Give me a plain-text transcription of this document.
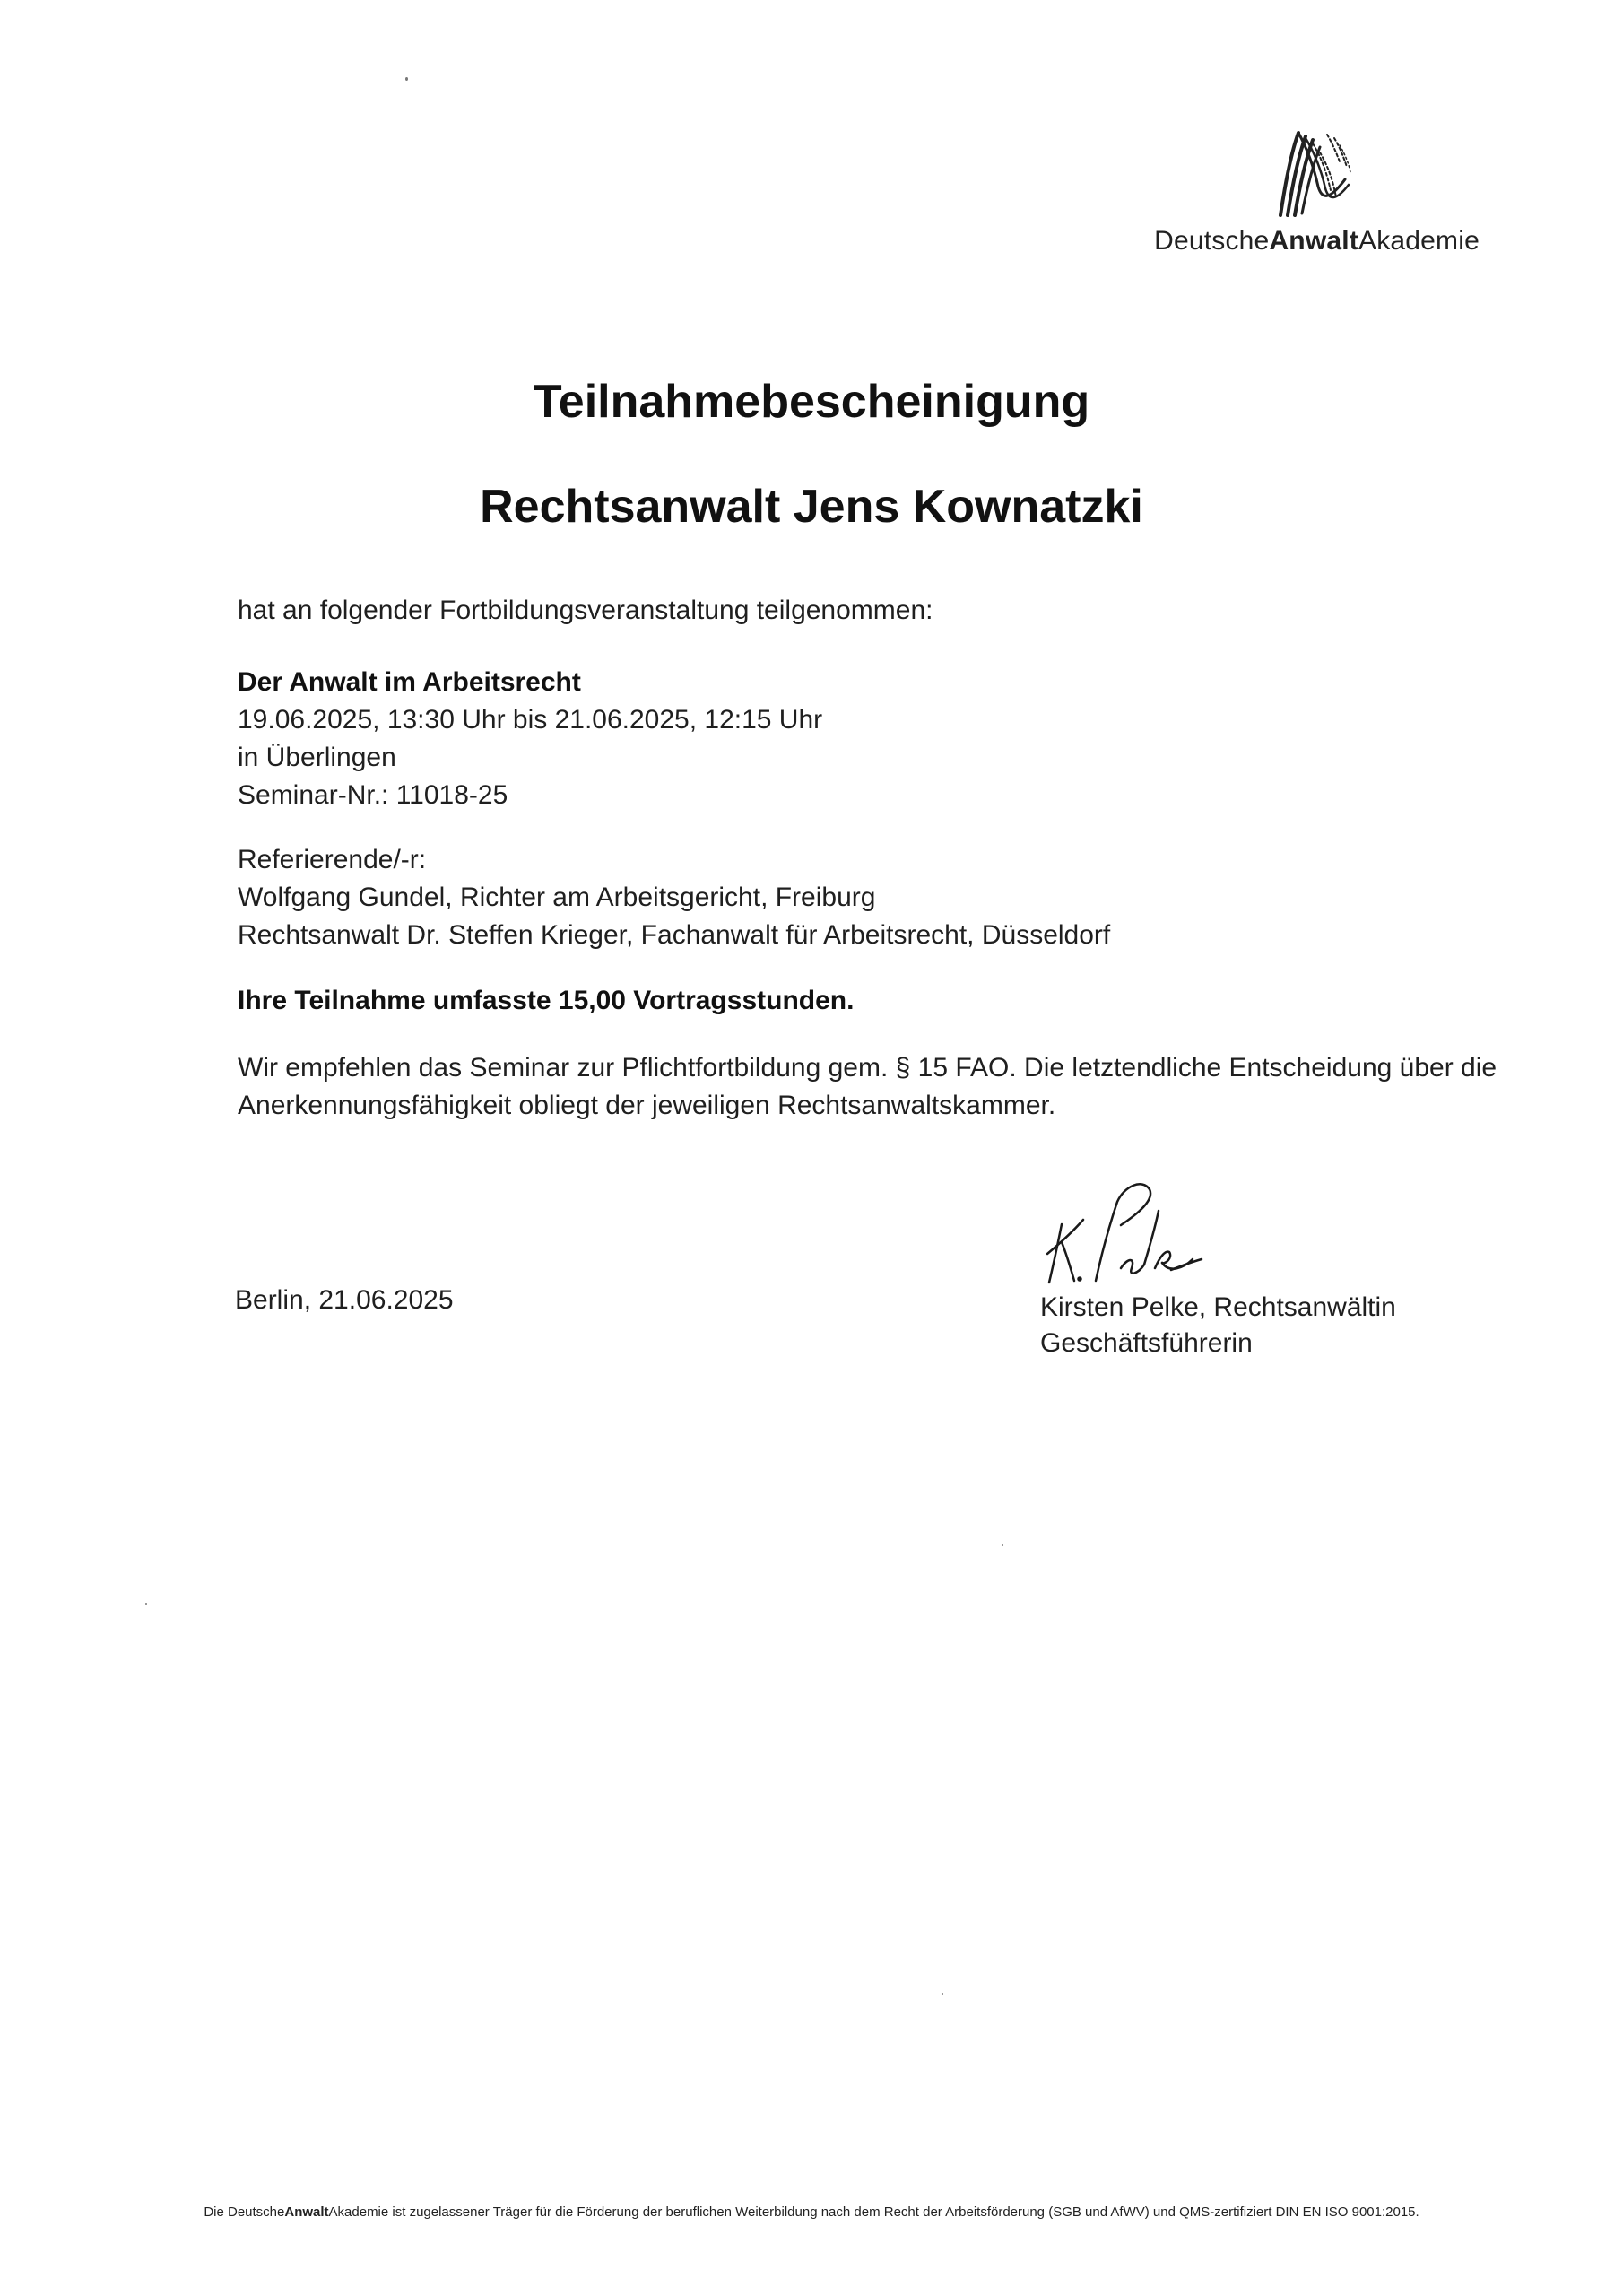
DeutscheAnwaltAkademie
Teilnahmebescheinigung
Rechtsanwalt Jens Kownatzki
hat an folgender Fortbildungsveranstaltung teilgenommen:
Der Anwalt im Arbeitsrecht
19.06.2025, 13:30 Uhr bis 21.06.2025, 12:15 Uhr
in Überlingen
Seminar-Nr.: 11018-25
Referierende/-r:
Wolfgang Gundel, Richter am Arbeitsgericht, Freiburg
Rechtsanwalt Dr. Steffen Krieger, Fachanwalt für Arbeitsrecht, Düsseldorf
Ihre Teilnahme umfasste 15,00 Vortragsstunden.
Wir empfehlen das Seminar zur Pflichtfortbildung gem. § 15 FAO. Die letztendliche Entscheidung über die
Anerkennungsfähigkeit obliegt der jeweiligen Rechtsanwaltskammer.
Berlin, 21.06.2025	Kirsten Pelke, Rechtsanwältin
Geschäftsführerin
Die DeutscheAnwaltAkademie ist zugelassener Träger für die Förderung der beruflichen Weiterbildung nach dem Recht der Arbeitsförderung (SGB und AfWV) und QMS-zertifiziert DIN EN ISO 9001:2015.
